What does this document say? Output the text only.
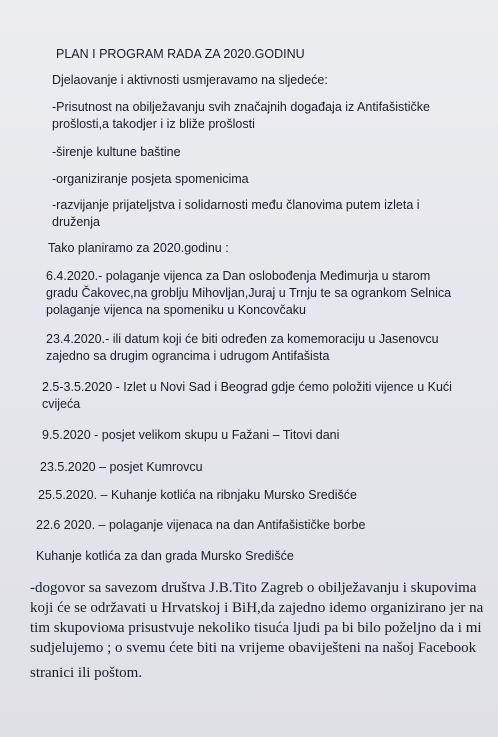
PLAN I PROGRAM RADA ZA 2020.GODINU
Djelaovanje i aktivnosti usmjeravamo na sljedeće:
-Prisutnost na obilježavanju svih značajnih događaja iz Antifašističke
prošlosti,a takodjer i iz bliže prošlosti
-širenje kultune baštine
-organiziranje posjeta spomenicima
-razvijanje prijateljstva i solidarnosti među članovima putem izleta i
druženja
Tako planiramo za 2020.godinu :
6.4.2020.- polaganje vijenca za Dan oslobođenja Međimurja u starom
gradu Čakovec,na groblju Mihovljan,Juraj u Trnju te sa ogrankom Selnica
polaganje vijenca na spomeniku u Koncovčaku
23.4.2020.- ili datum koji će biti određen za komemoraciju u Jasenovcu
zajedno sa drugim ograncima i udrugom Antifašista
2.5-3.5.2020 - Izlet u Novi Sad i Beograd gdje ćemo položiti vijence u Kući
cvijeća
9.5.2020 - posjet velikom skupu u Fažani – Titovi dani
23.5.2020 – posjet Kumrovcu
25.5.2020. – Kuhanje kotlića na ribnjaku Mursko Središće
22.6 2020. – polaganje vijenaca na dan Antifašističke borbe
Kuhanje kotlića za dan grada Mursko Središće
-dogovor sa savezom društva J.B.Tito Zagreb o obilježavanju i skupovima
koji će se održavati u Hrvatskoj i BiH,da zajedno idemo organizirano jer na
tim skupoviома prisustvuje nekoliko tisuća ljudi pa bi bilo poželjno da i mi
sudjelujemo ; o svemu ćete biti na vrijeme obaviješteni na našoj Facebook
stranici ili poštom.
